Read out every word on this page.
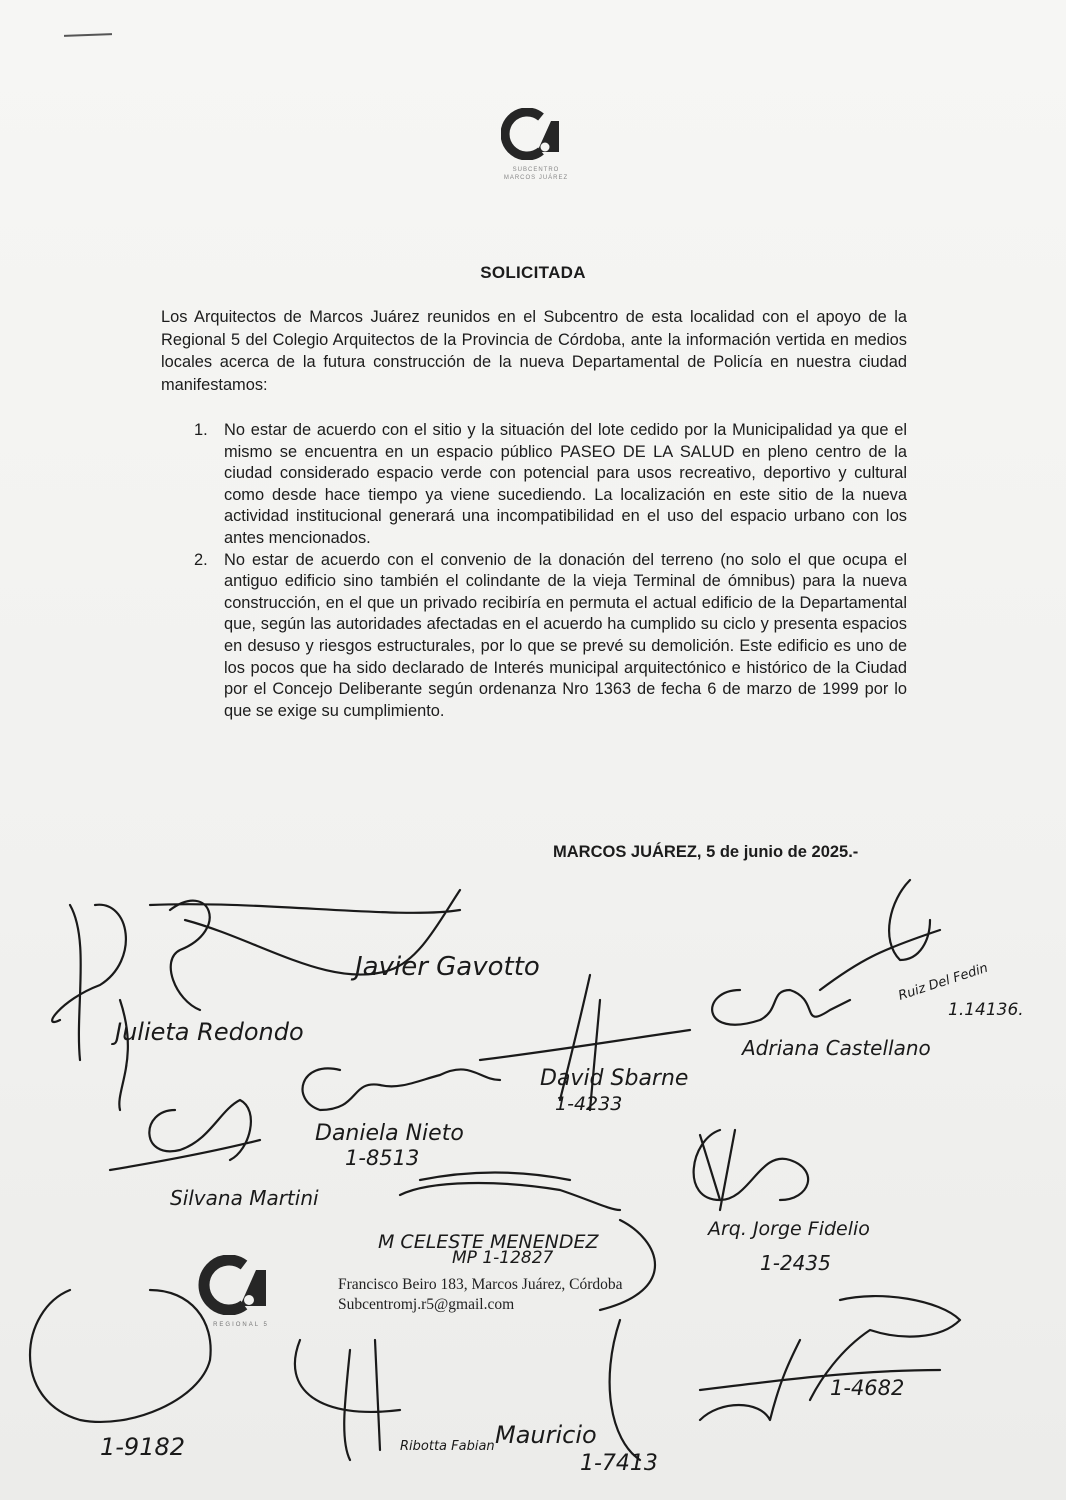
SUBCENTRO
MARCOS JUÁREZ
SOLICITADA
Los Arquitectos de Marcos Juárez reunidos en el Subcentro de esta localidad con el apoyo de la Regional 5 del Colegio Arquitectos de la Provincia de Córdoba, ante la información vertida en medios locales acerca de la futura construcción de la nueva Departamental de Policía en nuestra ciudad manifestamos:
1. No estar de acuerdo con el sitio y la situación del lote cedido por la Municipalidad ya que el mismo se encuentra en un espacio público PASEO DE LA SALUD en pleno centro de la ciudad considerado espacio verde con potencial para usos recreativo, deportivo y cultural como desde hace tiempo ya viene sucediendo. La localización en este sitio de la nueva actividad institucional generará una incompatibilidad en el uso del espacio urbano con los antes mencionados.
2. No estar de acuerdo con el convenio de la donación del terreno (no solo el que ocupa el antiguo edificio sino también el colindante de la vieja Terminal de ómnibus) para la nueva construcción, en el que un privado recibiría en permuta el actual edificio de la Departamental que, según las autoridades afectadas en el acuerdo ha cumplido su ciclo y presenta espacios en desuso y riesgos estructurales, por lo que se prevé su demolición. Este edificio es uno de los pocos que ha sido declarado de Interés municipal arquitectónico e histórico de la Ciudad por el Concejo Deliberante según ordenanza Nro 1363 de fecha 6 de marzo de 1999 por lo que se exige su cumplimiento.
MARCOS JUÁREZ, 5 de junio de 2025.-
REGIONAL 5
Francisco Beiro 183, Marcos Juárez, Córdoba
Subcentromj.r5@gmail.com
Julieta Redondo
Javier Gavotto	Ruiz Del Fedin
1.14136.
Adriana Castellano
David Sbarne
1-4233
Daniela Nieto
1-8513
Silvana Martini
M CELESTE MENENDEZ
MP 1-12827
Arq. Jorge Fidelio
1-2435
1-4682
1-9182	Ribotta Fabian Mauricio
1-7413
